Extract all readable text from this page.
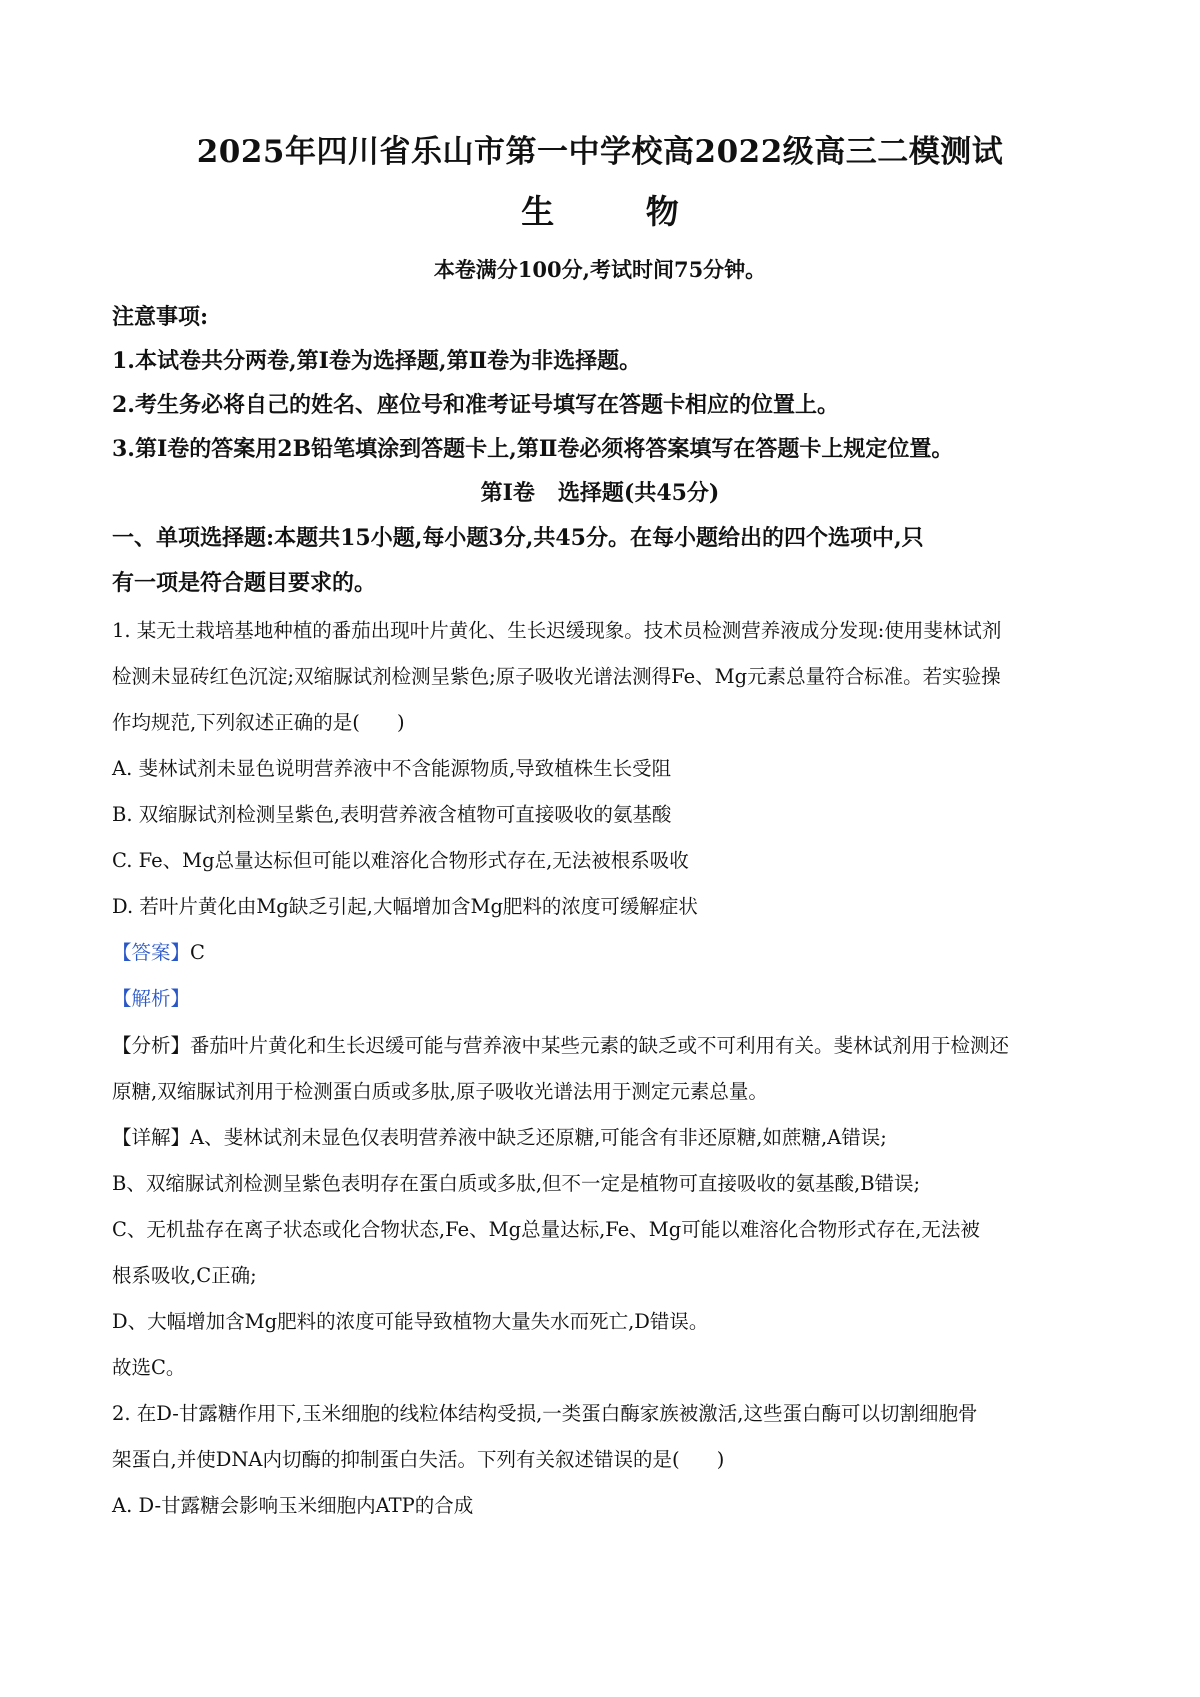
2025年四川省乐山市第一中学校高2022级高三二模测试
生 物
本卷满分100分,考试时间75分钟。
注意事项:
1.本试卷共分两卷,第Ⅰ卷为选择题,第Ⅱ卷为非选择题。
2.考生务必将自己的姓名、座位号和准考证号填写在答题卡相应的位置上。
3.第Ⅰ卷的答案用2B铅笔填涂到答题卡上,第Ⅱ卷必须将答案填写在答题卡上规定位置。
第Ⅰ卷   选择题(共45分)
一、单项选择题:本题共15小题,每小题3分,共45分。在每小题给出的四个选项中,只
有一项是符合题目要求的。
1. 某无土栽培基地种植的番茄出现叶片黄化、生长迟缓现象。技术员检测营养液成分发现:使用斐林试剂
检测未显砖红色沉淀;双缩脲试剂检测呈紫色;原子吸收光谱法测得Fe、Mg元素总量符合标准。若实验操
作均规范,下列叙述正确的是(      )
A. 斐林试剂未显色说明营养液中不含能源物质,导致植株生长受阻
B. 双缩脲试剂检测呈紫色,表明营养液含植物可直接吸收的氨基酸
C. Fe、Mg总量达标但可能以难溶化合物形式存在,无法被根系吸收
D. 若叶片黄化由Mg缺乏引起,大幅增加含Mg肥料的浓度可缓解症状
【答案】C
【解析】
【分析】番茄叶片黄化和生长迟缓可能与营养液中某些元素的缺乏或不可利用有关。斐林试剂用于检测还
原糖,双缩脲试剂用于检测蛋白质或多肽,原子吸收光谱法用于测定元素总量。
【详解】A、斐林试剂未显色仅表明营养液中缺乏还原糖,可能含有非还原糖,如蔗糖,A错误;
B、双缩脲试剂检测呈紫色表明存在蛋白质或多肽,但不一定是植物可直接吸收的氨基酸,B错误;
C、无机盐存在离子状态或化合物状态,Fe、Mg总量达标,Fe、Mg可能以难溶化合物形式存在,无法被
根系吸收,C正确;
D、大幅增加含Mg肥料的浓度可能导致植物大量失水而死亡,D错误。
故选C。
2. 在D-甘露糖作用下,玉米细胞的线粒体结构受损,一类蛋白酶家族被激活,这些蛋白酶可以切割细胞骨
架蛋白,并使DNA内切酶的抑制蛋白失活。下列有关叙述错误的是(      )
A. D-甘露糖会影响玉米细胞内ATP的合成
